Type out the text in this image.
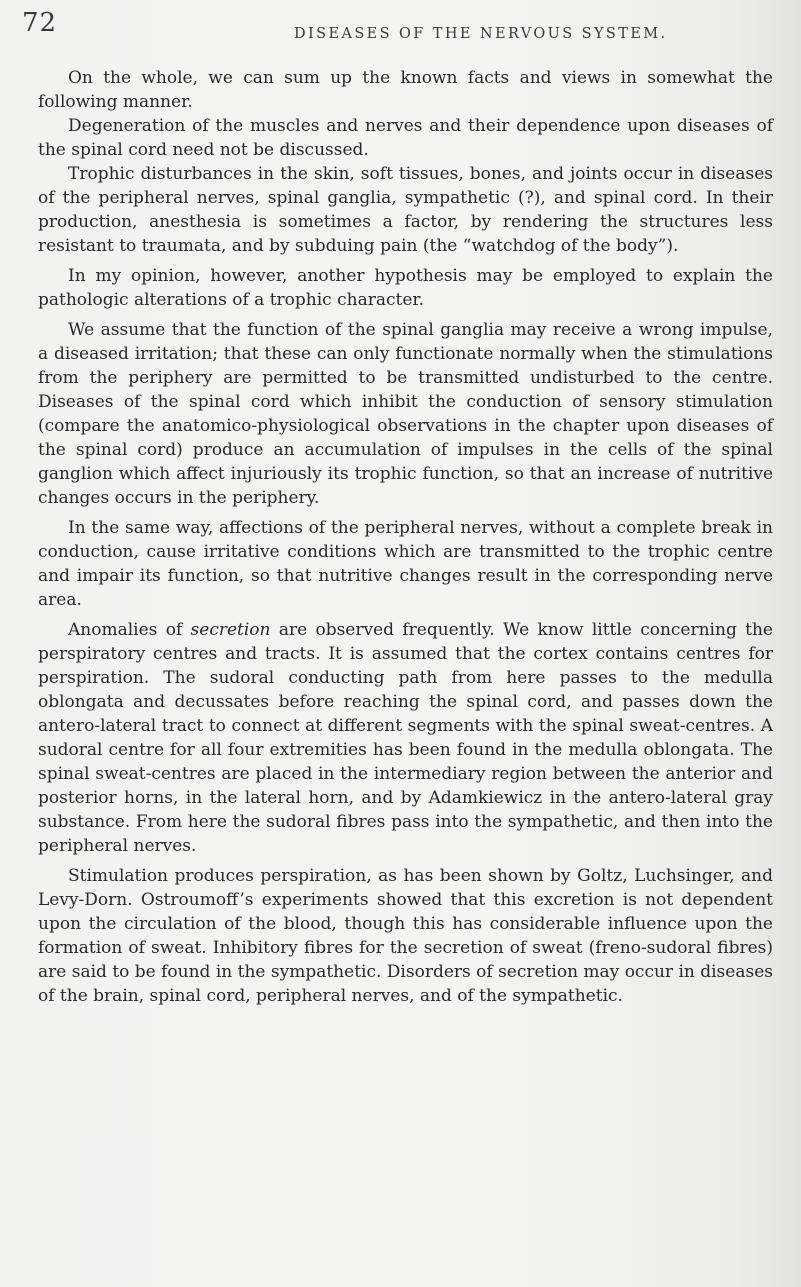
72	DISEASES OF THE NERVOUS SYSTEM.

On the whole, we can sum up the known facts and views in somewhat the following manner.

Degeneration of the muscles and nerves and their dependence upon diseases of the spinal cord need not be discussed.

Trophic disturbances in the skin, soft tissues, bones, and joints occur in diseases of the peripheral nerves, spinal ganglia, sympathetic (?), and spinal cord. In their production, anesthesia is sometimes a factor, by rendering the structures less resistant to traumata, and by subduing pain (the “watchdog of the body”).

In my opinion, however, another hypothesis may be employed to explain the pathologic alterations of a trophic character.

We assume that the function of the spinal ganglia may receive a wrong impulse, a diseased irritation; that these can only functionate normally when the stimulations from the periphery are permitted to be transmitted undisturbed to the centre. Diseases of the spinal cord which inhibit the conduction of sensory stimulation (compare the anatomico-physiological observations in the chapter upon diseases of the spinal cord) produce an accumulation of impulses in the cells of the spinal ganglion which affect injuriously its trophic function, so that an increase of nutritive changes occurs in the periphery.

In the same way, affections of the peripheral nerves, without a complete break in conduction, cause irritative conditions which are transmitted to the trophic centre and impair its function, so that nutritive changes result in the corresponding nerve area.

Anomalies of secretion are observed frequently. We know little concerning the perspiratory centres and tracts. It is assumed that the cortex contains centres for perspiration. The sudoral conducting path from here passes to the medulla oblongata and decussates before reaching the spinal cord, and passes down the antero-lateral tract to connect at different segments with the spinal sweat-centres. A sudoral centre for all four extremities has been found in the medulla oblongata. The spinal sweat-centres are placed in the intermediary region between the anterior and posterior horns, in the lateral horn, and by Adamkiewicz in the antero-lateral gray substance. From here the sudoral fibres pass into the sympathetic, and then into the peripheral nerves.

Stimulation produces perspiration, as has been shown by Goltz, Luchsinger, and Levy-Dorn. Ostroumoff’s experiments showed that this excretion is not dependent upon the circulation of the blood, though this has considerable influence upon the formation of sweat. Inhibitory fibres for the secretion of sweat (freno-sudoral fibres) are said to be found in the sympathetic. Disorders of secretion may occur in diseases of the brain, spinal cord, peripheral nerves, and of the sympathetic.
